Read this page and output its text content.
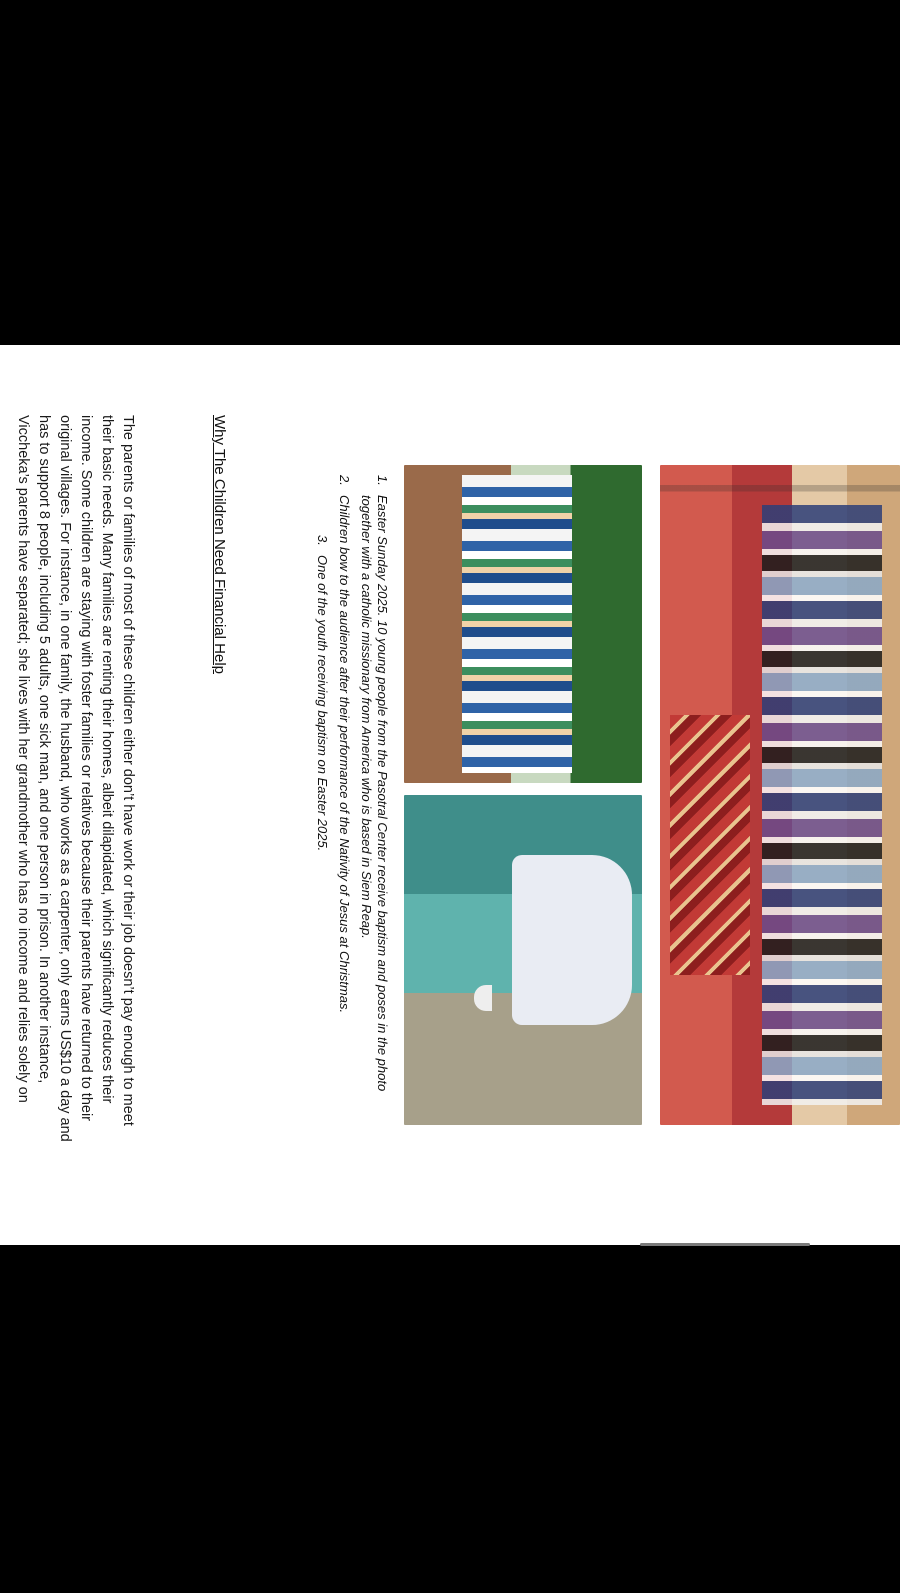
1.
Easter Sunday 2025. 10 young people from the Pasotral Center receive baptism and poses in the photo together with a catholic missionary from America who is based in Siem Reap.
2.
Children bow to the audience after their performance of the Nativity of Jesus at Christmas.
3.
One of the youth receiving baptism on Easter 2025.
Why The Children Need Financial Help

The parents or families of most of these children either don’t have work or their job doesn’t pay enough to meet their basic needs. Many families are renting their homes, albeit dilapidated, which significantly reduces their income. Some children are staying with foster families or relatives because their parents have returned to their original villages. For instance, in one family, the husband, who works as a carpenter, only earns US$10 a day and has to support 8 people, including 5 adults, one sick man, and one person in prison. In another instance, Viccheka’s parents have separated; she lives with her grandmother who has no income and relies solely on
